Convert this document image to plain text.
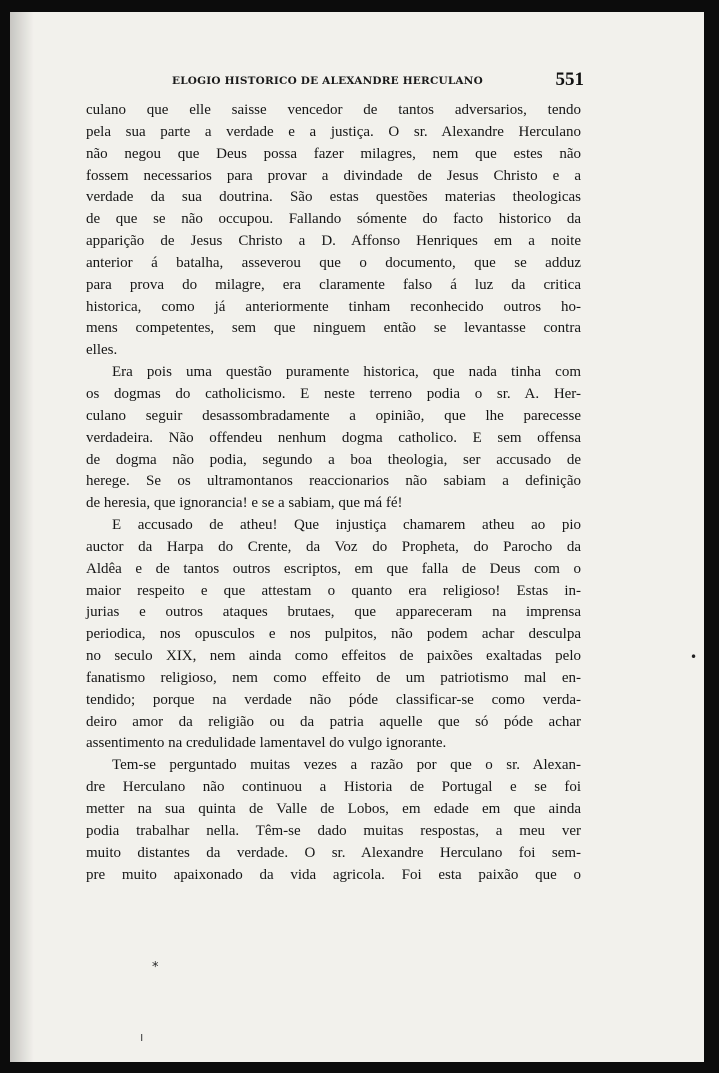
ELOGIO HISTORICO DE ALEXANDRE HERCULANO	551
culano que elle saisse vencedor de tantos adversarios, tendo
pela sua parte a verdade e a justiça. O sr. Alexandre Herculano
não negou que Deus possa fazer milagres, nem que estes não
fossem necessarios para provar a divindade de Jesus Christo e a
verdade da sua doutrina. São estas questões materias theologicas
de que se não occupou. Fallando sómente do facto historico da
apparição de Jesus Christo a D. Affonso Henriques em a noite
anterior á batalha, asseverou que o documento, que se adduz
para prova do milagre, era claramente falso á luz da critica
historica, como já anteriormente tinham reconhecido outros ho-
mens competentes, sem que ninguem então se levantasse contra
elles.
Era pois uma questão puramente historica, que nada tinha com
os dogmas do catholicismo. E neste terreno podia o sr. A. Her-
culano seguir desassombradamente a opinião, que lhe parecesse
verdadeira. Não offendeu nenhum dogma catholico. E sem offensa
de dogma não podia, segundo a boa theologia, ser accusado de
herege. Se os ultramontanos reaccionarios não sabiam a definição
de heresia, que ignorancia! e se a sabiam, que má fé!
E accusado de atheu! Que injustiça chamarem atheu ao pio
auctor da Harpa do Crente, da Voz do Propheta, do Parocho da
Aldêa e de tantos outros escriptos, em que falla de Deus com o
maior respeito e que attestam o quanto era religioso! Estas in-
jurias e outros ataques brutaes, que appareceram na imprensa
periodica, nos opusculos e nos pulpitos, não podem achar desculpa
no seculo XIX, nem ainda como effeitos de paixões exaltadas pelo
fanatismo religioso, nem como effeito de um patriotismo mal en-
tendido; porque na verdade não póde classificar-se como verda-
deiro amor da religião ou da patria aquelle que só póde achar
assentimento na credulidade lamentavel do vulgo ignorante.
Tem-se perguntado muitas vezes a razão por que o sr. Alexan-
dre Herculano não continuou a Historia de Portugal e se foi
metter na sua quinta de Valle de Lobos, em edade em que ainda
podia trabalhar nella. Têm-se dado muitas respostas, a meu ver
muito distantes da verdade. O sr. Alexandre Herculano foi sem-
pre muito apaixonado da vida agricola. Foi esta paixão que o
*
•
ı
